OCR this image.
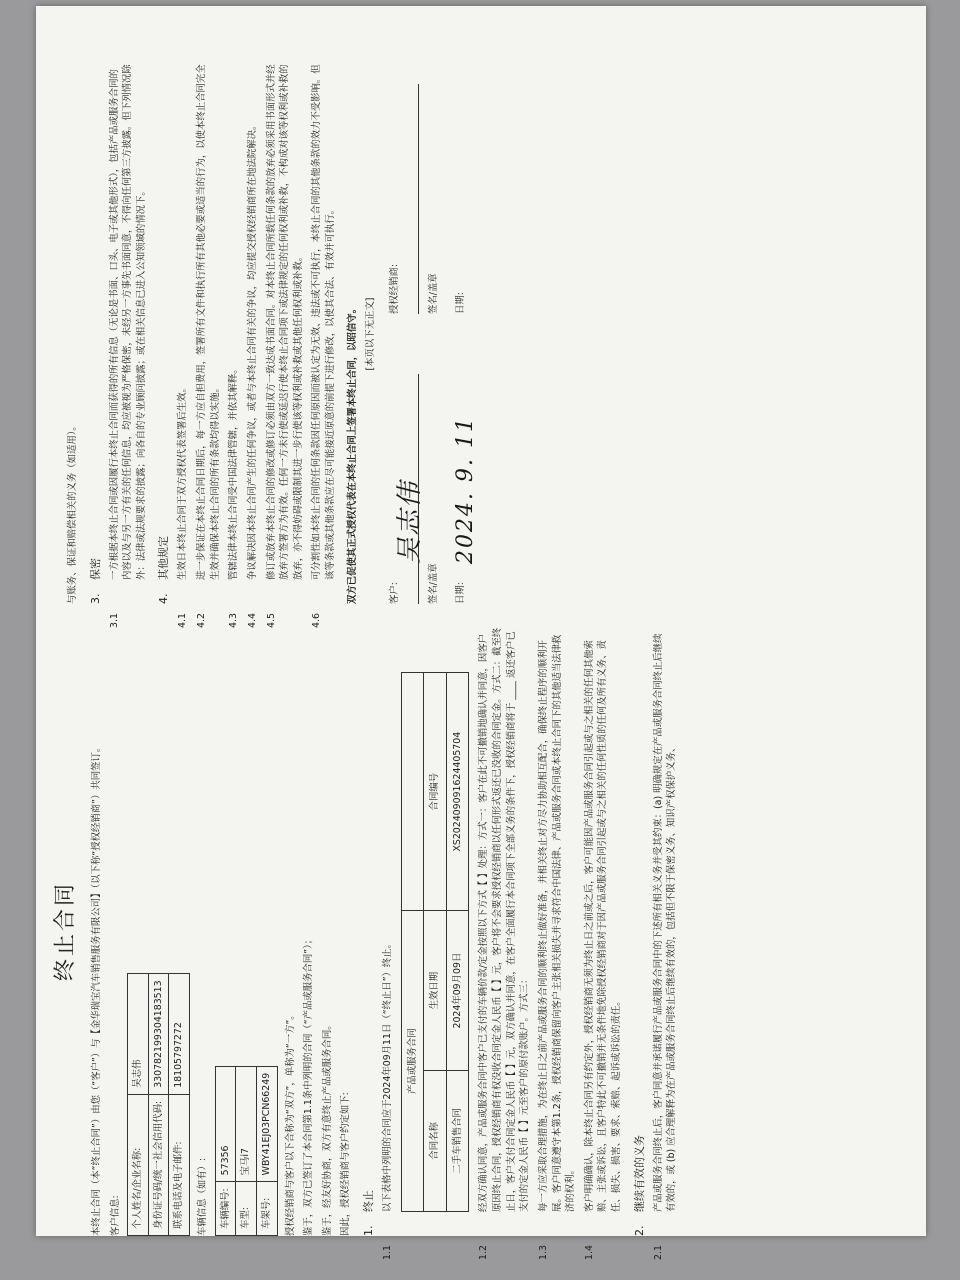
终止合同	本终止合同（本“终止合同”）由您（“客户”）与【金华瑞宝汽车销售服务有限公司】（以下称“授权经销商”）共同签订。 客户信息: 个人姓名/企业名称:	吴志伟
身份证号码/统一社会信用代码:	330782199304183513
联系电话及电子邮件:	18105797272

车辆信息（如有）: 车辆编号:	57356
车型:	宝马i7
车架号:	WBY41EJ03PCN66249 授权经销商与客户以下合称为“双方”，单称为“一方”。 鉴于，双方已签订了本合同第1.1条中列明的合同（“产品或服务合同”）； 鉴于，经友好协商，双方有意终止产品或服务合同。 因此，授权经销商与客户约定如下: 1.终止

1.1以下表格中列明的合同应于2024年09月11日（“终止日”）终止。 产品或服务合同		
合同名称	生效日期	合同编号
二手车销售合同	2024年09月09日	XS202409091624405704

1.2经双方确认同意，产品或服务合同中客户已支付的车辆价款/定金按照以下方式【 】处理：方式一：客户在此不可撤销地确认并同意，因客户原因终止合同，授权经销商有权没收合同定金人民币【 】元，客户将不会要求授权经销商以任何形式返还已没收的合同定金。方式二：截至终止日，客户支付合同定金人民币【 】元，双方确认并同意，在客户全面履行本合同项下全部义务的条件下，授权经销商将于 ____ 返还客户已支付的定金人民币【 】元至客户的原付款账户。方式三：

1.3每一方应采取合理措施，为在终止日之前产品或服务合同的顺利终止做好准备，并相关终止对方尽力协助相互配合，确保终止程序的顺利开展。客户同意遵守本第1.2条，授权经销商保留向客户主张相关损失并寻求符合中国法律、产品或服务合同或本终止合同下的其他适当法律救济的权利。

1.4客户明确确认，除本终止合同另有约定外，授权经销商无须为终止日之前或之后，客户可能因产品或服务合同引起或与之相关的任何其他索赔、主张或诉讼，且客户特此不可撤销并无条件地免除授权经销商对于因产品或服务合同引起或与之相关的任何性质的任何及所有义务、责任、损失、损害、要求、索赔、起诉或诉讼的责任。

2.继续有效的义务

2.1产品或服务合同终止后，客户同意并承诺履行产品或服务合同中的下述所有相关义务并受其约束：(a) 明确规定在产品或服务合同终止后继续有效的，或 (b) 应合理解释为在产品或服务合同终止后继续有效的，包括但不限于保密义务、知识产权保护义务、

与账务、保证和赔偿相关的义务（如适用）。 3.保密

3.1一方根据本终止合同或因履行本终止合同而获得的所有信息（无论是书面、口头、电子或其他形式），包括产品或服务合同的内容以及与另一方有关的任何信息，均应被视为严格保密，未经另一方事先书面同意，不得向任何第三方披露。但下列情况除外：法律或法规要求的披露；向各自的专业顾问披露；或在相关信息已进入公知领域的情况下。

4.其他规定

4.1生效日本终止合同于双方授权代表签署后生效。

4.2进一步保证在本终止合同日期后，每一方应自担费用，签署所有文件和执行所有其他必要或适当的行为，以使本终止合同完全生效并确保本终止合同的所有条款均得以实施。

4.3管辖法律本终止合同受中国法律管辖，并依其解释。

4.4争议解决因本终止合同产生的任何争议，或者与本终止合同有关的争议，均应提交授权经销商所在地法院解决。

4.5修订或放弃本终止合同的修改或修订必须由双方一致达成书面合同。对本终止合同所载任何条款的放弃必须采用书面形式并经放弃方签署方为有效。任何一方未行使或延迟行使本终止合同项下或法律规定的任何权利或补救，不构成对该等权利或补救的放弃，亦不得妨碍或限制其进一步行使该等权利或补救或其他任何权利或补救。

4.6可分割性如本终止合同的任何条款因任何原因而被认定为无效、违法或不可执行，本终止合同的其他条款的效力不受影响。但该等条款或其他条款应在尽可能接近原意的前提下进行修改，以使其合法、有效并可执行。 双方已促使其正式授权代表在本终止合同上签署本终止合同，以昭信守。 [本页以下无正文]

客户:	签名/盖章 日期:
吴志伟 2024. 9. 11
授权经销商:	签名/盖章 日期:
